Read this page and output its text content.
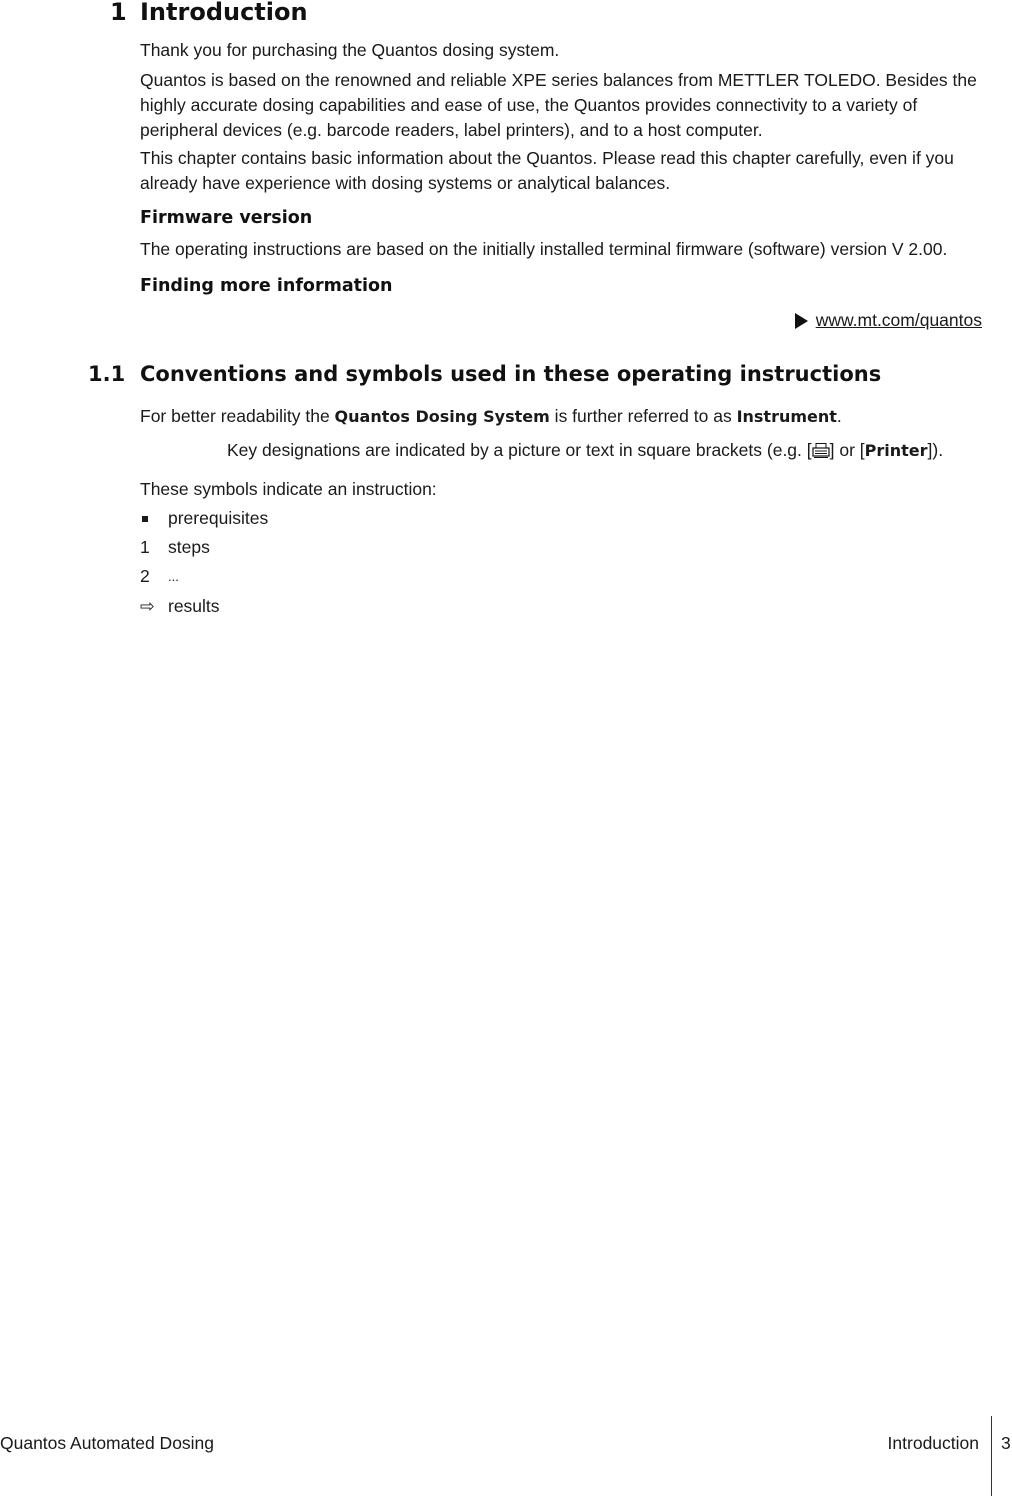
1 Introduction
Thank you for purchasing the Quantos dosing system.
Quantos is based on the renowned and reliable XPE series balances from METTLER TOLEDO. Besides the
highly accurate dosing capabilities and ease of use, the Quantos provides connectivity to a variety of
peripheral devices (e.g. barcode readers, label printers), and to a host computer.
This chapter contains basic information about the Quantos. Please read this chapter carefully, even if you
already have experience with dosing systems or analytical balances.
Firmware version
The operating instructions are based on the initially installed terminal firmware (software) version V 2.00.
Finding more information
www.mt.com/quantos
1.1 Conventions and symbols used in these operating instructions
For better readability the Quantos Dosing System is further referred to as Instrument.
Key designations are indicated by a picture or text in square brackets (e.g. [ ] or [Printer]).
These symbols indicate an instruction:
prerequisites
1 steps
2 ...
⇨ results
Quantos Automated Dosing	Introduction 3
